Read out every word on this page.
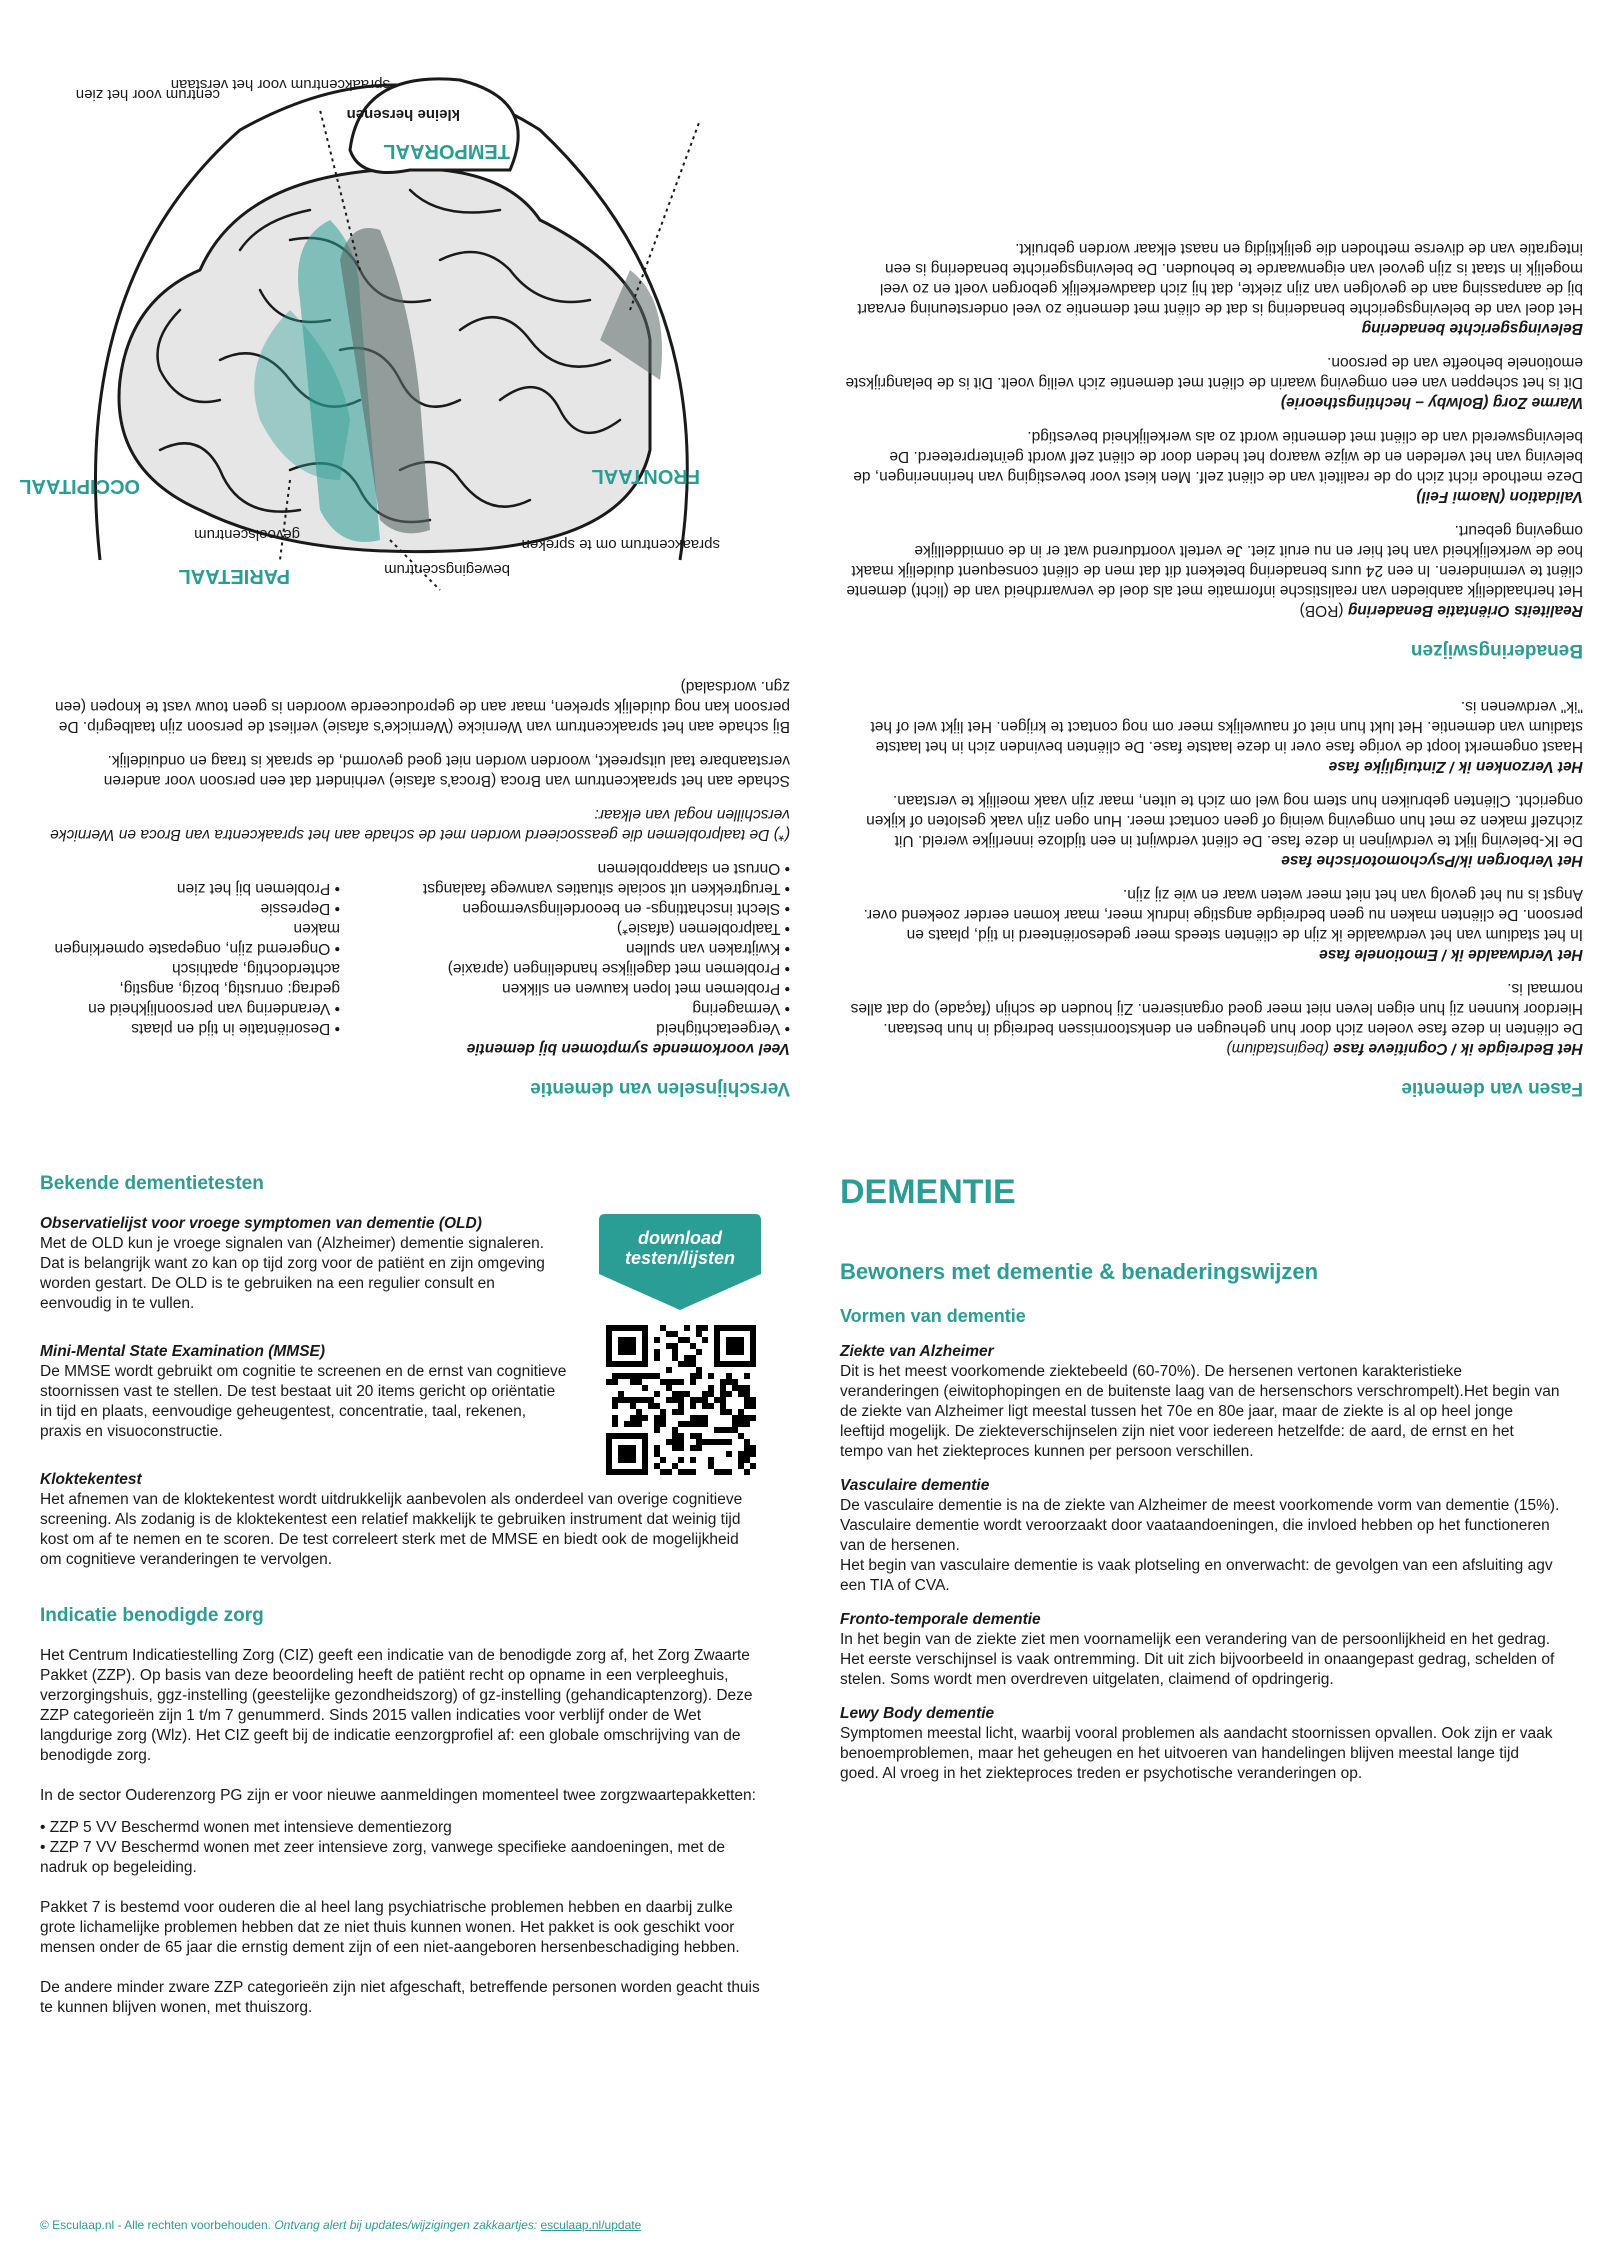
Fasen van dementie

Het Bedreigde ik / Cognitieve fase (beginstadium)

De cliënten in deze fase voelen zich door hun geheugen en denkstoornissen bedreigd in hun bestaan. Hierdoor kunnen zij hun eigen leven niet meer goed organiseren. Zij houden de schijn (façade) op dat alles normaal is.

Het Verdwaalde ik / Emotionele fase

In het stadium van het verdwaalde ik zijn de cliënten steeds meer gedesoriënteerd in tijd, plaats en persoon. De cliënten maken nu geen bedreigde angstige indruk meer, maar komen eerder zoekend over. Angst is nu het gevolg van het niet meer weten waar en wie zij zijn.

Het Verborgen ik/Psychomotorische fase

De IK-beleving lijkt te verdwijnen in deze fase. De cliënt verdwijnt in een tijdloze innerlijke wereld. Uit zichzelf maken ze met hun omgeving weinig of geen contact meer. Hun ogen zijn vaak gesloten of kijken ongericht. Cliënten gebruiken hun stem nog wel om zich te uiten, maar zijn vaak moeilijk te verstaan.

Het Verzonken ik / Zintuiglijke fase

Haast ongemerkt loopt de vorige fase over in deze laatste fase. De cliënten bevinden zich in het laatste stadium van dementie. Het lukt hun niet of nauwelijks meer om nog contact te krijgen. Het lijkt wel of het "ik" verdwenen is.

Benaderingswijzen

Realiteits Oriëntatie Benadering (ROB)

Het herhaaldelijk aanbieden van realistische informatie met als doel de verwarrdheid van de (licht) demente cliënt te verminderen. In een 24 uurs benadering betekent dit dat men de cliënt consequent duidelijk maakt hoe de werkelijkheid van het hier en nu eruit ziet. Je vertelt voortdurend wat er in de onmiddellijke omgeving gebeurt.

Validation (Naomi Feil)

Deze methode richt zich op de realiteit van de cliënt zelf. Men kiest voor bevestiging van herinneringen, de beleving van het verleden en de wijze waarop het heden door de cliënt zelf wordt geïnterpreteerd. De belevingswereld van de cliënt met dementie wordt zo als werkelijkheid bevestigd.

Warme Zorg (Bolwby – hechtingstheorie)

Dit is het scheppen van een omgeving waarin de cliënt met dementie zich veilig voelt. Dit is de belangrijkste emotionele behoefte van de persoon.

Belevingsgerichte benadering

Het doel van de belevingsgerichte benadering is dat de cliënt met dementie zo veel ondersteuning ervaart bij de aanpassing aan de gevolgen van zijn ziekte, dat hij zich daadwerkelijk geborgen voelt en zo veel mogelijk in staat is zijn gevoel van eigenwaarde te behouden. De belevingsgerichte benadering is een integratie van de diverse methoden die gelijktijdig en naast elkaar worden gebruikt.

Verschijnselen van dementie

Veel voorkomende symptomen bij dementie

• Vergeetachtigheid
• Vermagering
• Problemen met lopen kauwen en slikken
• Problemen met dagelijkse handelingen (apraxie)
• Kwijtraken van spullen
• Taalproblemen (afasie*)
• Slecht inschattings- en beoordelingsvermogen
• Terugtrekken uit sociale situaties vanwege faalangst
• Onrust en slaapproblemen
• Desoriëntatie in tijd en plaats
• Verandering van persoonlijkheid en gedrag: onrustig, bozig, angstig, achterdochtig, apathisch
• Ongeremd zijn, ongepaste opmerkingen maken
• Depressie
• Problemen bij het zien

(*) De taalproblemen die geassocieerd worden met de schade aan het spraakcentra van Broca en Wernicke verschillen nogal van elkaar:

Schade aan het spraakcentrum van Broca (Broca's afasie) verhindert dat een persoon voor anderen verstaanbare taal uitspreekt, woorden worden niet goed gevormd, de spraak is traag en onduidelijk.

Bij schade aan het spraakcentrum van Wernicke (Wernicke's afasie) verliest de persoon zijn taalbegrip. De persoon kan nog duidelijk spreken, maar aan de geproduceerde woorden is geen touw vast te knopen (een zgn. wordsalad)

PARIETAAL
OCCIPITAAL	FRONTAAL
TEMPORAAL
bewegingscentrum
gevoelscentrum
spraakcentrum om te spreken
spraakcentrum voor het verstaan
centrum voor het zien
kleine hersenen
Bekende dementietesten

Observatielijst voor vroege symptomen van dementie (OLD)

Met de OLD kun je vroege signalen van (Alzheimer) dementie signaleren. Dat is belangrijk want zo kan op tijd zorg voor de patiënt en zijn omgeving worden gestart. De OLD is te gebruiken na een regulier consult en eenvoudig in te vullen.

Mini-Mental State Examination (MMSE)

De MMSE wordt gebruikt om cognitie te screenen en de ernst van cognitieve stoornissen vast te stellen. De test bestaat uit 20 items gericht op oriëntatie in tijd en plaats, eenvoudige geheugentest, concentratie, taal, rekenen, praxis en visuoconstructie.

Kloktekentest

Het afnemen van de kloktekentest wordt uitdrukkelijk aanbevolen als onderdeel van overige cognitieve screening. Als zodanig is de kloktekentest een relatief makkelijk te gebruiken instrument dat weinig tijd kost om af te nemen en te scoren. De test correleert sterk met de MMSE en biedt ook de mogelijkheid om cognitieve veranderingen te vervolgen.

Indicatie benodigde zorg

Het Centrum Indicatiestelling Zorg (CIZ) geeft een indicatie van de benodigde zorg af, het Zorg Zwaarte Pakket (ZZP). Op basis van deze beoordeling heeft de patiënt recht op opname in een verpleeghuis, verzorgingshuis, ggz-instelling (geestelijke gezondheidszorg) of gz-instelling (gehandicaptenzorg). Deze ZZP categorieën zijn 1 t/m 7 genummerd. Sinds 2015 vallen indicaties voor verblijf onder de Wet langdurige zorg (Wlz). Het CIZ geeft bij de indicatie eenzorgprofiel af: een globale omschrijving van de benodigde zorg.

In de sector Ouderenzorg PG zijn er voor nieuwe aanmeldingen momenteel twee zorgzwaartepakketten:

• ZZP 5 VV Beschermd wonen met intensieve dementiezorg
• ZZP 7 VV Beschermd wonen met zeer intensieve zorg, vanwege specifieke aandoeningen, met de nadruk op begeleiding.

Pakket 7 is bestemd voor ouderen die al heel lang psychiatrische problemen hebben en daarbij zulke grote lichamelijke problemen hebben dat ze niet thuis kunnen wonen. Het pakket is ook geschikt voor mensen onder de 65 jaar die ernstig dement zijn of een niet-aangeboren hersenbeschadiging hebben.

De andere minder zware ZZP categorieën zijn niet afgeschaft, betreffende personen worden geacht thuis te kunnen blijven wonen, met thuiszorg.

download testen/lijsten
DEMENTIE
Bewoners met dementie & benaderingswijzen
Vormen van dementie

Ziekte van Alzheimer

Dit is het meest voorkomende ziektebeeld (60-70%). De hersenen vertonen karakteristieke veranderingen (eiwitophopingen en de buitenste laag van de hersenschors verschrompelt).Het begin van de ziekte van Alzheimer ligt meestal tussen het 70e en 80e jaar, maar de ziekte is al op heel jonge leeftijd mogelijk. De ziekteverschijnselen zijn niet voor iedereen hetzelfde: de aard, de ernst en het tempo van het ziekteproces kunnen per persoon verschillen.

Vasculaire dementie

De vasculaire dementie is na de ziekte van Alzheimer de meest voorkomende vorm van dementie (15%). Vasculaire dementie wordt veroorzaakt door vaataandoeningen, die invloed hebben op het functioneren van de hersenen.

Het begin van vasculaire dementie is vaak plotseling en onverwacht: de gevolgen van een afsluiting agv een TIA of CVA.

Fronto-temporale dementie

In het begin van de ziekte ziet men voornamelijk een verandering van de persoonlijkheid en het gedrag. Het eerste verschijnsel is vaak ontremming. Dit uit zich bijvoorbeeld in onaangepast gedrag, schelden of stelen. Soms wordt men overdreven uitgelaten, claimend of opdringerig.

Lewy Body dementie

Symptomen meestal licht, waarbij vooral problemen als aandacht stoornissen opvallen. Ook zijn er vaak benoemproblemen, maar het geheugen en het uitvoeren van handelingen blijven meestal lange tijd goed. Al vroeg in het ziekteproces treden er psychotische veranderingen op.

© Esculaap.nl - Alle rechten voorbehouden. Ontvang alert bij updates/wijzigingen zakkaartjes: esculaap.nl/update
